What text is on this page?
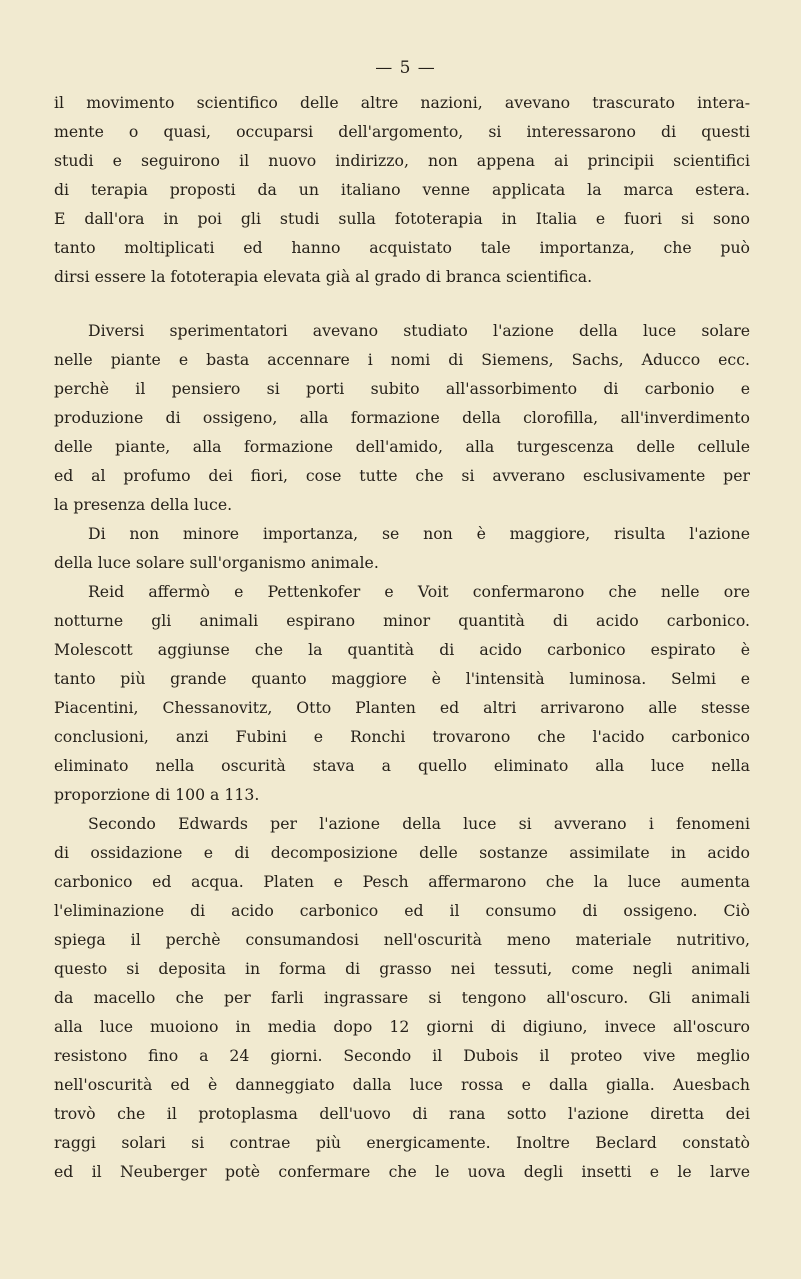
— 5 —
il movimento scientifico delle altre nazioni, avevano trascurato intera-
mente o quasi, occuparsi dell'argomento, si interessarono di questi
studi e seguirono il nuovo indirizzo, non appena ai principii scientifici
di terapia proposti da un italiano venne applicata la marca estera.
E dall'ora in poi gli studi sulla fototerapia in Italia e fuori si sono
tanto moltiplicati ed hanno acquistato tale importanza, che può
dirsi essere la fototerapia elevata già al grado di branca scientifica.
Diversi sperimentatori avevano studiato l'azione della luce solare
nelle piante e basta accennare i nomi di Siemens, Sachs, Aducco ecc.
perchè il pensiero si porti subito all'assorbimento di carbonio e
produzione di ossigeno, alla formazione della clorofilla, all'inverdimento
delle piante, alla formazione dell'amido, alla turgescenza delle cellule
ed al profumo dei fiori, cose tutte che si avverano esclusivamente per
la presenza della luce.
Di non minore importanza, se non è maggiore, risulta l'azione
della luce solare sull'organismo animale.
Reid affermò e Pettenkofer e Voit confermarono che nelle ore
notturne gli animali espirano minor quantità di acido carbonico.
Molescott aggiunse che la quantità di acido carbonico espirato è
tanto più grande quanto maggiore è l'intensità luminosa. Selmi e
Piacentini, Chessanovitz, Otto Planten ed altri arrivarono alle stesse
conclusioni, anzi Fubini e Ronchi trovarono che l'acido carbonico
eliminato nella oscurità stava a quello eliminato alla luce nella
proporzione di 100 a 113.
Secondo Edwards per l'azione della luce si avverano i fenomeni
di ossidazione e di decomposizione delle sostanze assimilate in acido
carbonico ed acqua. Platen e Pesch affermarono che la luce aumenta
l'eliminazione di acido carbonico ed il consumo di ossigeno. Ciò
spiega il perchè consumandosi nell'oscurità meno materiale nutritivo,
questo si deposita in forma di grasso nei tessuti, come negli animali
da macello che per farli ingrassare si tengono all'oscuro. Gli animali
alla luce muoiono in media dopo 12 giorni di digiuno, invece all'oscuro
resistono fino a 24 giorni. Secondo il Dubois il proteo vive meglio
nell'oscurità ed è danneggiato dalla luce rossa e dalla gialla. Auesbach
trovò che il protoplasma dell'uovo di rana sotto l'azione diretta dei
raggi solari si contrae più energicamente. Inoltre Beclard constatò
ed il Neuberger potè confermare che le uova degli insetti e le larve
